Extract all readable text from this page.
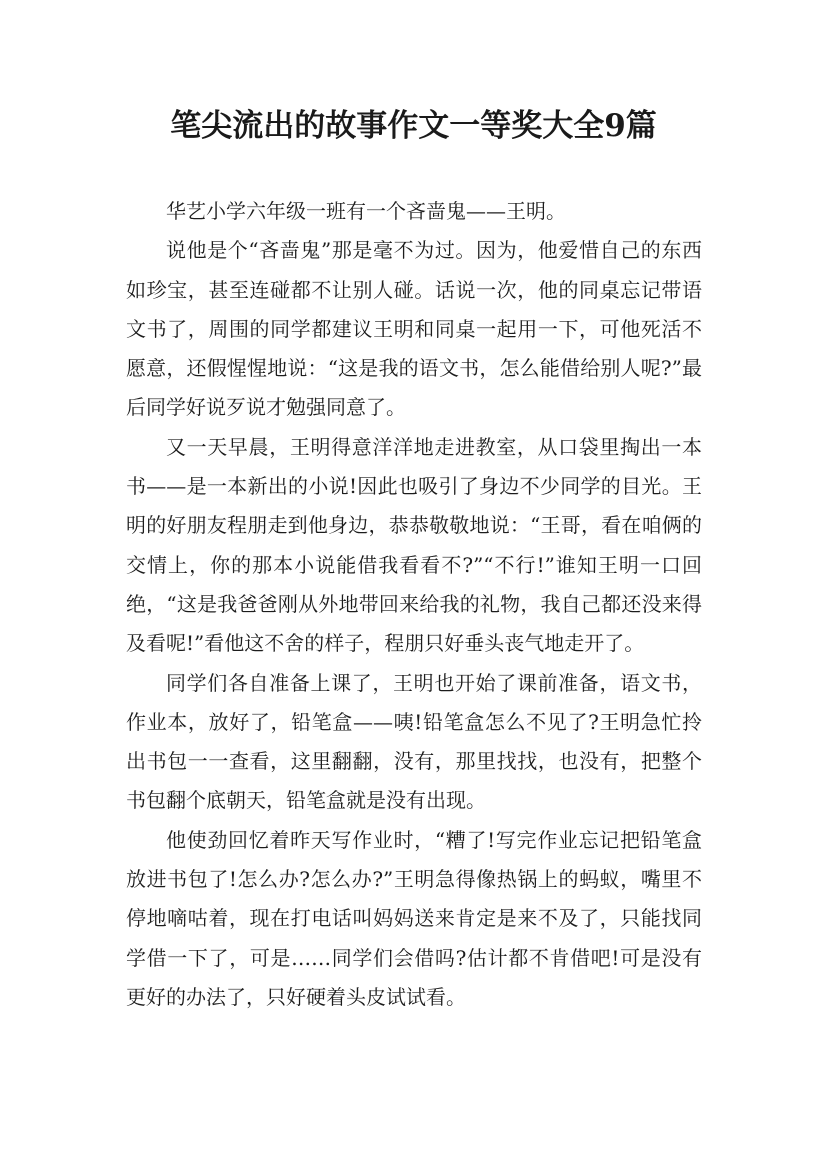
笔尖流出的故事作文一等奖大全9篇

华艺小学六年级一班有一个吝啬鬼——王明。

说他是个“吝啬鬼”那是毫不为过。因为，他爱惜自己的东西如珍宝，甚至连碰都不让别人碰。话说一次，他的同桌忘记带语文书了，周围的同学都建议王明和同桌一起用一下，可他死活不愿意，还假惺惺地说：“这是我的语文书，怎么能借给别人呢?”最后同学好说歹说才勉强同意了。

又一天早晨，王明得意洋洋地走进教室，从口袋里掏出一本书——是一本新出的小说!因此也吸引了身边不少同学的目光。王明的好朋友程朋走到他身边，恭恭敬敬地说：“王哥，看在咱俩的交情上，你的那本小说能借我看看不?”“不行!”谁知王明一口回绝，“这是我爸爸刚从外地带回来给我的礼物，我自己都还没来得及看呢!”看他这不舍的样子，程朋只好垂头丧气地走开了。

同学们各自准备上课了，王明也开始了课前准备，语文书，作业本，放好了，铅笔盒——咦!铅笔盒怎么不见了?王明急忙拎出书包一一查看，这里翻翻，没有，那里找找，也没有，把整个书包翻个底朝天，铅笔盒就是没有出现。

他使劲回忆着昨天写作业时，“糟了!写完作业忘记把铅笔盒放进书包了!怎么办?怎么办?”王明急得像热锅上的蚂蚁，嘴里不停地嘀咕着，现在打电话叫妈妈送来肯定是来不及了，只能找同学借一下了，可是……同学们会借吗?估计都不肯借吧!可是没有更好的办法了，只好硬着头皮试试看。
